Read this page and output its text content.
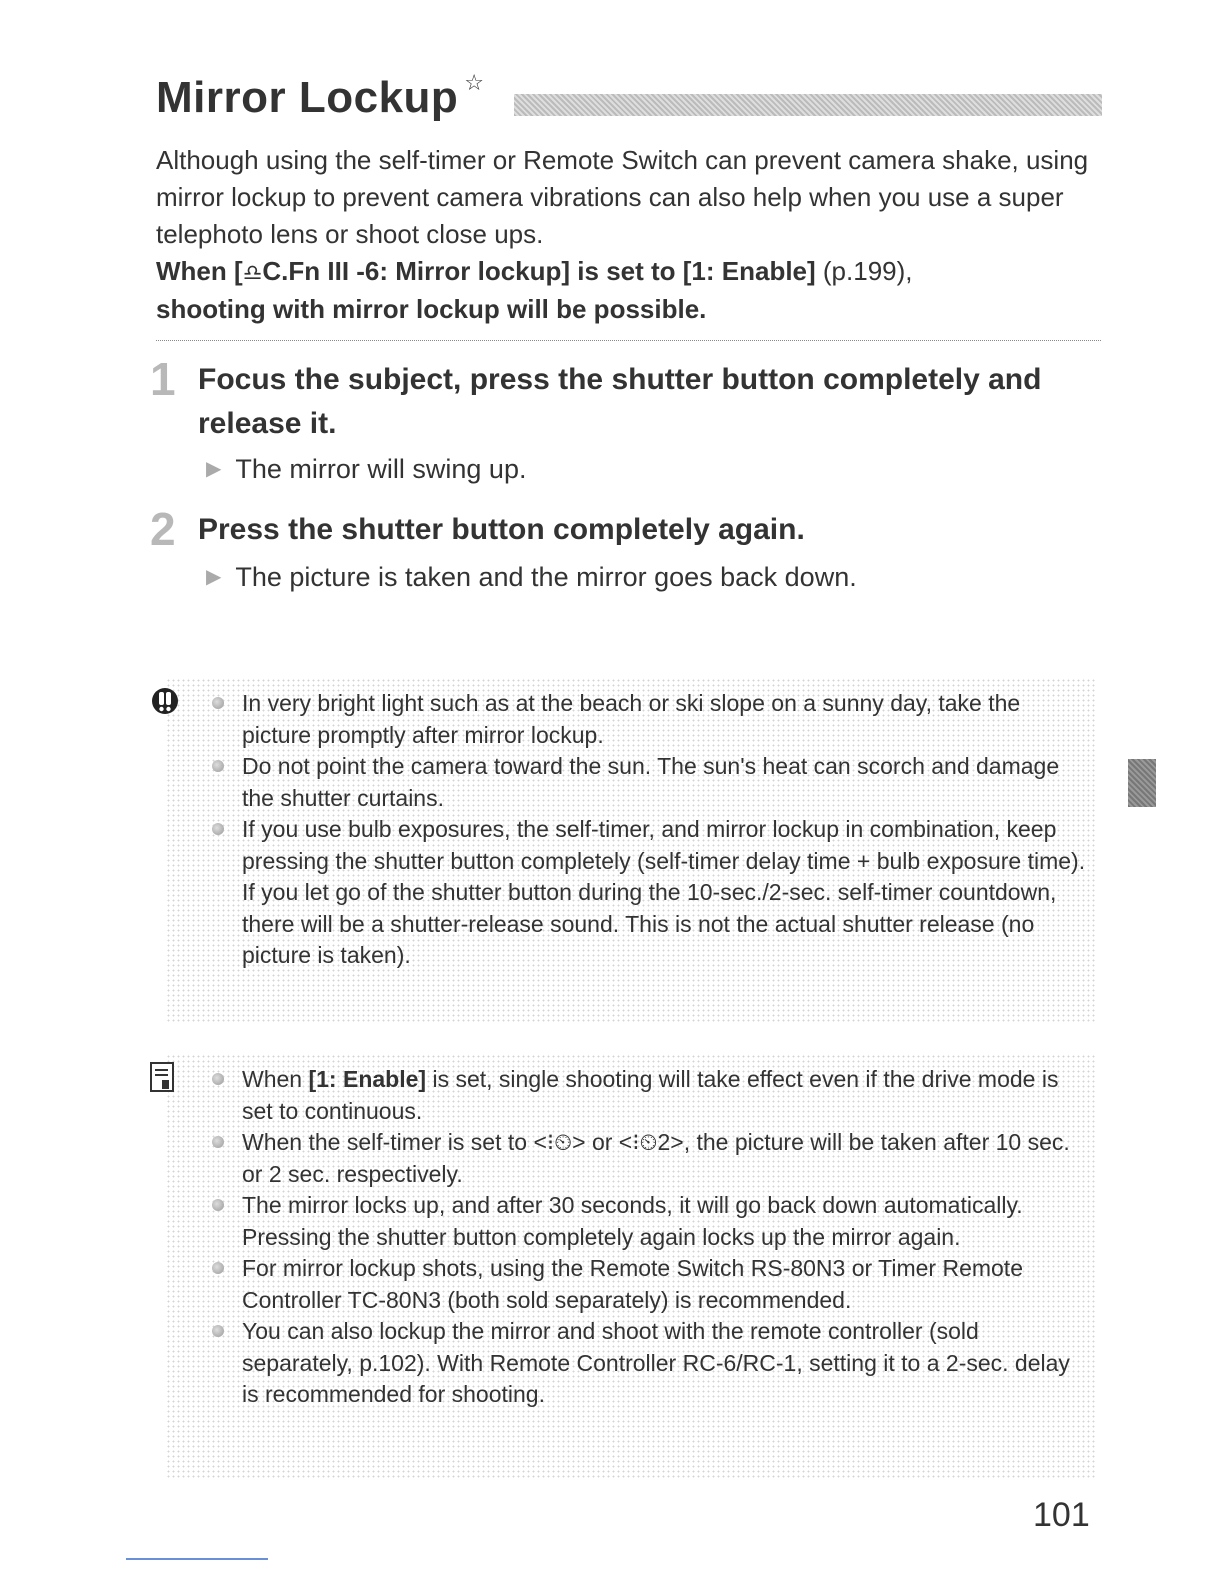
Mirror Lockup ☆

Although using the self-timer or Remote Switch can prevent camera shake, using mirror lockup to prevent camera vibrations can also help when you use a super telephoto lens or shoot close ups.

When [♎C.Fn III -6: Mirror lockup] is set to [1: Enable] (p.199),

shooting with mirror lockup will be possible.

1 Focus the subject, press the shutter button completely and release it.
▶ The mirror will swing up.
2 Press the shutter button completely again.
▶ The picture is taken and the mirror goes back down.
In very bright light such as at the beach or ski slope on a sunny day, take the picture promptly after mirror lockup.
Do not point the camera toward the sun. The sun's heat can scorch and damage the shutter curtains.
If you use bulb exposures, the self-timer, and mirror lockup in combination, keep pressing the shutter button completely (self-timer delay time + bulb exposure time). If you let go of the shutter button during the 10-sec./2-sec. self-timer countdown, there will be a shutter-release sound. This is not the actual shutter release (no picture is taken).
When [1: Enable] is set, single shooting will take effect even if the drive mode is set to continuous.
When the self-timer is set to <⁝⏲> or <⁝⏲2>, the picture will be taken after 10 sec. or 2 sec. respectively.
The mirror locks up, and after 30 seconds, it will go back down automatically. Pressing the shutter button completely again locks up the mirror again.
For mirror lockup shots, using the Remote Switch RS-80N3 or Timer Remote Controller TC-80N3 (both sold separately) is recommended.
You can also lockup the mirror and shoot with the remote controller (sold separately, p.102). With Remote Controller RC-6/RC-1, setting it to a 2-sec. delay is recommended for shooting.
101
